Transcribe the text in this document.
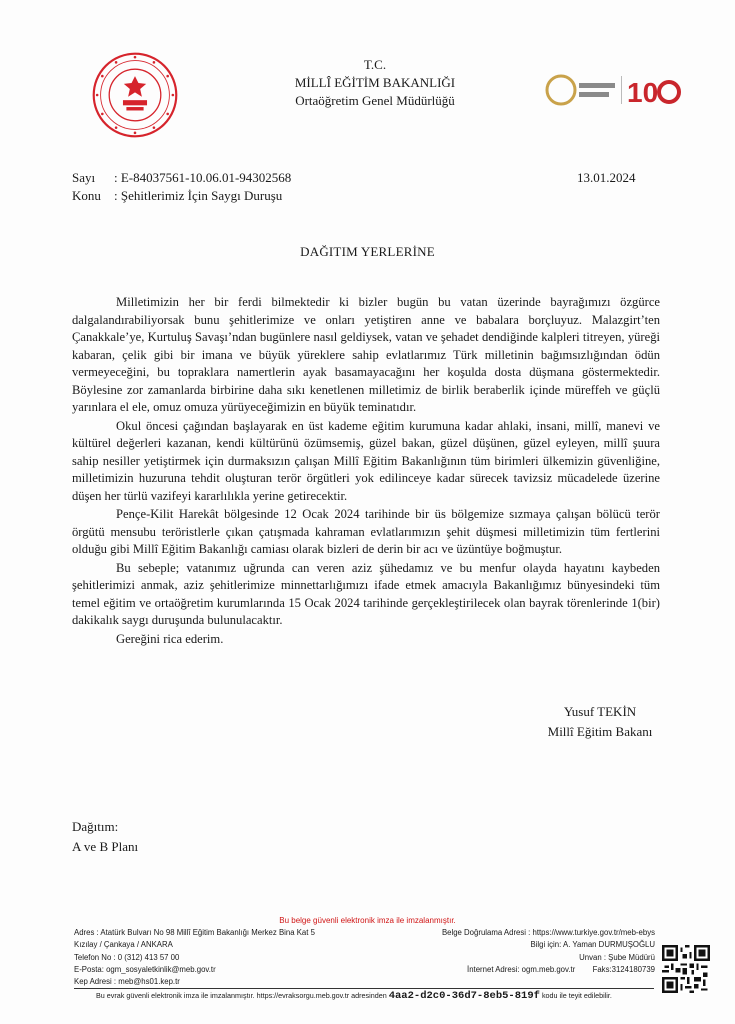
T.C.
MİLLÎ EĞİTİM BAKANLIĞI
Ortaöğretim Genel Müdürlüğü	10
Sayı : E-84037561-10.06.01-94302568
Konu : Şehitlerimiz İçin Saygı Duruşu
13.01.2024
DAĞITIM YERLERİNE

Milletimizin her bir ferdi bilmektedir ki bizler bugün bu vatan üzerinde bayrağımızı özgürce dalgalandırabiliyorsak bunu şehitlerimize ve onları yetiştiren anne ve babalara borçluyuz. Malazgirt’ten Çanakkale’ye, Kurtuluş Savaşı’ndan bugünlere nasıl geldiysek, vatan ve şehadet dendiğinde kalpleri titreyen, yüreği kabaran, çelik gibi bir imana ve büyük yüreklere sahip evlatlarımız Türk milletinin bağımsızlığından ödün vermeyeceğini, bu topraklara namertlerin ayak basamayacağını her koşulda dosta düşmana göstermektedir. Böylesine zor zamanlarda birbirine daha sıkı kenetlenen milletimiz de birlik beraberlik içinde müreffeh ve güçlü yarınlara el ele, omuz omuza yürüyeceğimizin en büyük teminatıdır.

Okul öncesi çağından başlayarak en üst kademe eğitim kurumuna kadar ahlaki, insani, millî, manevi ve kültürel değerleri kazanan, kendi kültürünü özümsemiş, güzel bakan, güzel düşünen, güzel eyleyen, millî şuura sahip nesiller yetiştirmek için durmaksızın çalışan Millî Eğitim Bakanlığının tüm birimleri ülkemizin güvenliğine, milletimizin huzuruna tehdit oluşturan terör örgütleri yok edilinceye kadar sürecek tavizsiz mücadelede üzerine düşen her türlü vazifeyi kararlılıkla yerine getirecektir.

Pençe-Kilit Harekât bölgesinde 12 Ocak 2024 tarihinde bir üs bölgemize sızmaya çalışan bölücü terör örgütü mensubu teröristlerle çıkan çatışmada kahraman evlatlarımızın şehit düşmesi milletimizin tüm fertlerini olduğu gibi Millî Eğitim Bakanlığı camiası olarak bizleri de derin bir acı ve üzüntüye boğmuştur.

Bu sebeple; vatanımız uğrunda can veren aziz şühedamız ve bu menfur olayda hayatını kaybeden şehitlerimizi anmak, aziz şehitlerimize minnettarlığımızı ifade etmek amacıyla Bakanlığımız bünyesindeki tüm temel eğitim ve ortaöğretim kurumlarında 15 Ocak 2024 tarihinde gerçekleştirilecek olan bayrak törenlerinde 1(bir) dakikalık saygı duruşunda bulunulacaktır.

Gereğini rica ederim.

Yusuf TEKİN
Millî Eğitim Bakanı
Dağıtım:
A ve B Planı
Bu belge güvenli elektronik imza ile imzalanmıştır.
Adres : Atatürk Bulvarı No 98 Millî Eğitim Bakanlığı Merkez Bina Kat 5
Kızılay / Çankaya / ANKARA
Telefon No : 0 (312) 413 57 00
E-Posta: ogm_sosyaletkinlik@meb.gov.tr
Kep Adresi : meb@hs01.kep.tr
Belge Doğrulama Adresi : https://www.turkiye.gov.tr/meb-ebys
Bilgi için: A. Yaman DURMUŞOĞLU
Unvan : Şube Müdürü
İnternet Adresi: ogm.meb.gov.tr        Faks:3124180739
Bu evrak güvenli elektronik imza ile imzalanmıştır. https://evraksorgu.meb.gov.tr adresinden 4aa2-d2c0-36d7-8eb5-819f kodu ile teyit edilebilir.
